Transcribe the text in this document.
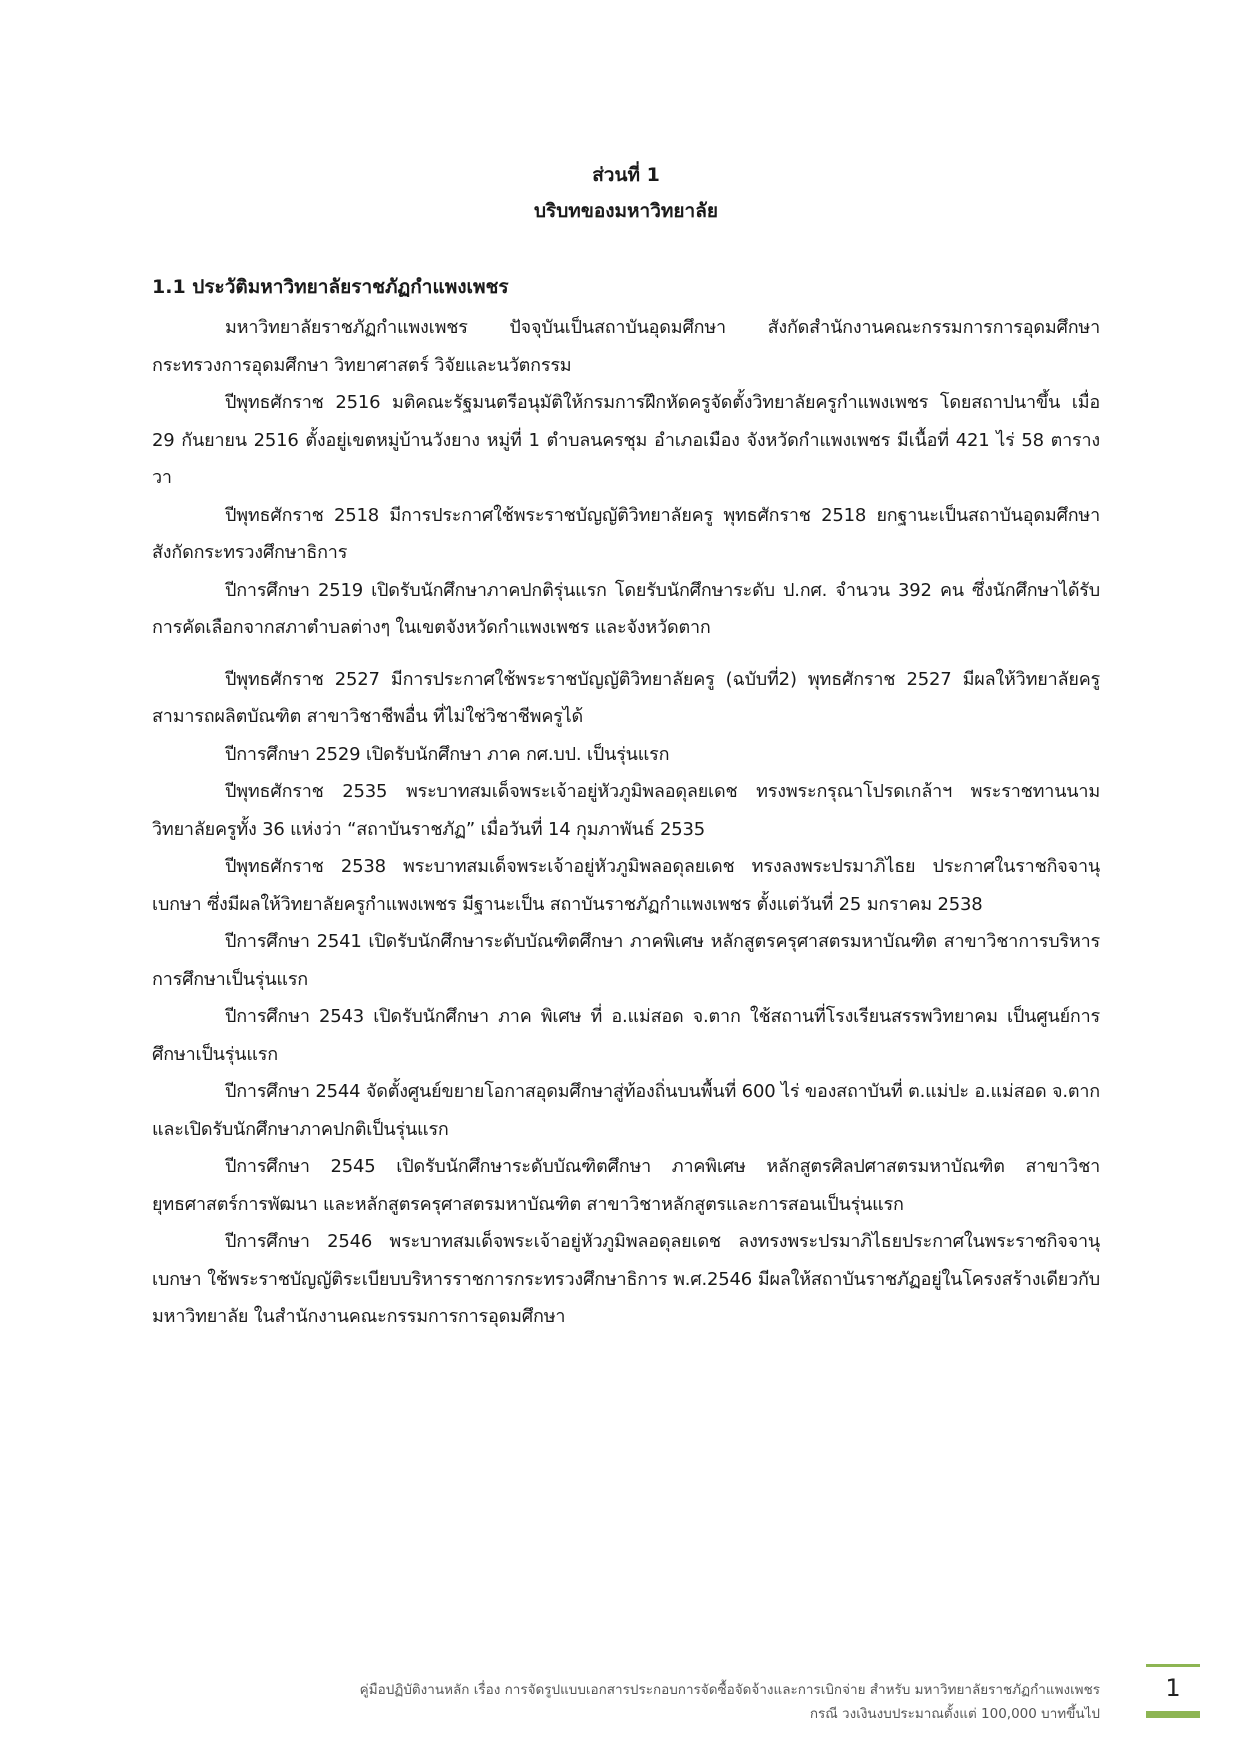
ส่วนที่ 1

บริบทของมหาวิทยาลัย

1.1 ประวัติมหาวิทยาลัยราชภัฏกำแพงเพชร

มหาวิทยาลัยราชภัฏกำแพงเพชร ปัจจุบันเป็นสถาบันอุดมศึกษา สังกัดสำนักงานคณะกรรมการการอุดมศึกษา กระทรวงการอุดมศึกษา วิทยาศาสตร์ วิจัยและนวัตกรรม

ปีพุทธศักราช 2516 มติคณะรัฐมนตรีอนุมัติให้กรมการฝึกหัดครูจัดตั้งวิทยาลัยครูกำแพงเพชร โดยสถาปนาขึ้น เมื่อ 29 กันยายน 2516 ตั้งอยู่เขตหมู่บ้านวังยาง หมู่ที่ 1 ตำบลนครชุม อำเภอเมือง จังหวัดกำแพงเพชร มีเนื้อที่ 421 ไร่ 58 ตารางวา

ปีพุทธศักราช 2518 มีการประกาศใช้พระราชบัญญัติวิทยาลัยครู พุทธศักราช 2518 ยกฐานะเป็นสถาบันอุดมศึกษา สังกัดกระทรวงศึกษาธิการ

ปีการศึกษา 2519 เปิดรับนักศึกษาภาคปกติรุ่นแรก โดยรับนักศึกษาระดับ ป.กศ. จำนวน 392 คน ซึ่งนักศึกษาได้รับการคัดเลือกจากสภาตำบลต่างๆ ในเขตจังหวัดกำแพงเพชร และจังหวัดตาก

ปีพุทธศักราช 2527 มีการประกาศใช้พระราชบัญญัติวิทยาลัยครู (ฉบับที่2) พุทธศักราช 2527 มีผลให้วิทยาลัยครูสามารถผลิตบัณฑิต สาขาวิชาชีพอื่น ที่ไม่ใช่วิชาชีพครูได้

ปีการศึกษา 2529 เปิดรับนักศึกษา ภาค กศ.บป. เป็นรุ่นแรก

ปีพุทธศักราช 2535 พระบาทสมเด็จพระเจ้าอยู่หัวภูมิพลอดุลยเดช ทรงพระกรุณาโปรดเกล้าฯ พระราชทานนามวิทยาลัยครูทั้ง 36 แห่งว่า “สถาบันราชภัฏ” เมื่อวันที่ 14 กุมภาพันธ์ 2535

ปีพุทธศักราช 2538 พระบาทสมเด็จพระเจ้าอยู่หัวภูมิพลอดุลยเดช ทรงลงพระปรมาภิไธย ประกาศในราชกิจจานุเบกษา ซึ่งมีผลให้วิทยาลัยครูกำแพงเพชร มีฐานะเป็น สถาบันราชภัฏกำแพงเพชร ตั้งแต่วันที่ 25 มกราคม 2538

ปีการศึกษา 2541 เปิดรับนักศึกษาระดับบัณฑิตศึกษา ภาคพิเศษ หลักสูตรครุศาสตรมหาบัณฑิต สาขาวิชาการบริหารการศึกษาเป็นรุ่นแรก

ปีการศึกษา 2543 เปิดรับนักศึกษา ภาค พิเศษ ที่ อ.แม่สอด จ.ตาก ใช้สถานที่โรงเรียนสรรพวิทยาคม เป็นศูนย์การศึกษาเป็นรุ่นแรก

ปีการศึกษา 2544 จัดตั้งศูนย์ขยายโอกาสอุดมศึกษาสู่ท้องถิ่นบนพื้นที่ 600 ไร่ ของสถาบันที่ ต.แม่ปะ อ.แม่สอด จ.ตาก และเปิดรับนักศึกษาภาคปกติเป็นรุ่นแรก

ปีการศึกษา 2545 เปิดรับนักศึกษาระดับบัณฑิตศึกษา ภาคพิเศษ หลักสูตรศิลปศาสตรมหาบัณฑิต สาขาวิชายุทธศาสตร์การพัฒนา และหลักสูตรครุศาสตรมหาบัณฑิต สาขาวิชาหลักสูตรและการสอนเป็นรุ่นแรก

ปีการศึกษา 2546 พระบาทสมเด็จพระเจ้าอยู่หัวภูมิพลอดุลยเดช ลงทรงพระปรมาภิไธยประกาศในพระราชกิจจานุเบกษา ใช้พระราชบัญญัติระเบียบบริหารราชการกระทรวงศึกษาธิการ พ.ศ.2546 มีผลให้สถาบันราชภัฏอยู่ในโครงสร้างเดียวกับมหาวิทยาลัย ในสำนักงานคณะกรรมการการอุดมศึกษา

คู่มือปฏิบัติงานหลัก เรื่อง การจัดรูปแบบเอกสารประกอบการจัดซื้อจัดจ้างและการเบิกจ่าย สำหรับ มหาวิทยาลัยราชภัฏกำแพงเพชร
กรณี วงเงินงบประมาณตั้งแต่ 100,000 บาทขึ้นไป
1
